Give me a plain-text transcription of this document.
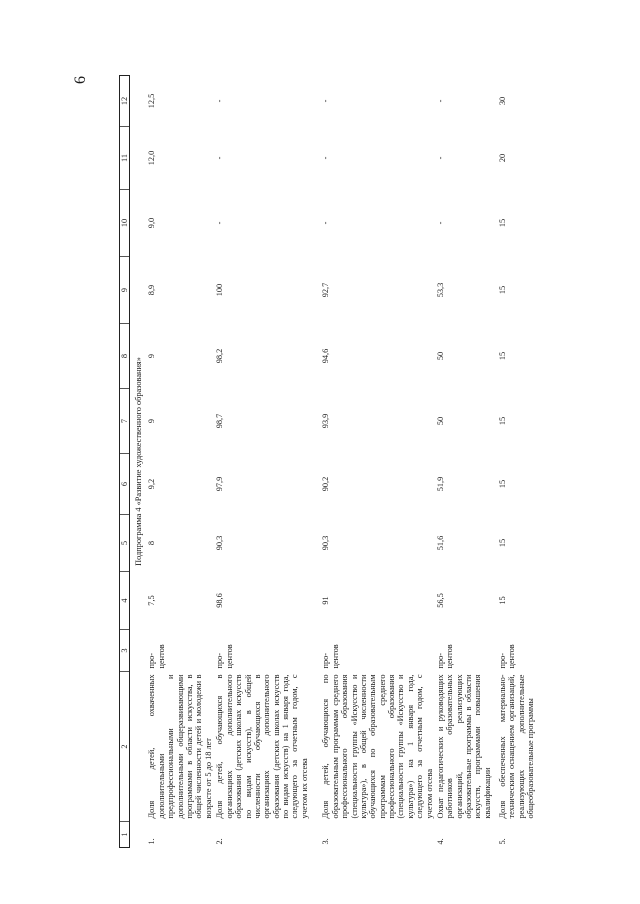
6
1	2	3	4	5	6	7	8	9	10	11	12
Подпрограмма 4 «Развитие художественного образования»											
1.	Доля детей, охваченных дополнительными предпрофессиональными и дополнительными общеразвивающими программами в области искусства, в общей численности детей и молодежи в возрасте от 5 до 18 лет	про-центов	7,5	8	9,2	9	9	8,9	9,0	12,0	12,5
2.	Доля детей, обучающихся в организациях дополнительного образования (детских школах искусств по видам искусств), в общей численности обучающихся в организациях дополнительного образования (детских школах искусств по видам искусств) на 1 января года, следующего за отчетным годом, с учетом их отсева	про-центов	98,6	90,3	97,9	98,7	98,2	100	-	-	-
3.	Доля детей, обучающихся по образовательным программам среднего профессионального образования (специальности группы «Искусство и культура»), в общей численности обучающихся по образовательным программам среднего профессионального образования (специальности группы «Искусство и культура») на 1 января года, следующего за отчетным годом, с учетом отсева	про-центов	91	90,3	90,2	93,9	94,6	92,7	-	-	-
4.	Охват педагогических и руководящих работников образовательных организаций, реализующих образовательные программы в области искусств, программами повышения квалификации	про-центов	56,5	51,6	51,9	50	50	53,3	-	-	-
5.	Доля обеспеченных материально-техническим оснащением организаций, реализующих дополнительные общеобразовательные программы	про-центов	15	15	15	15	15	15	15	20	30
